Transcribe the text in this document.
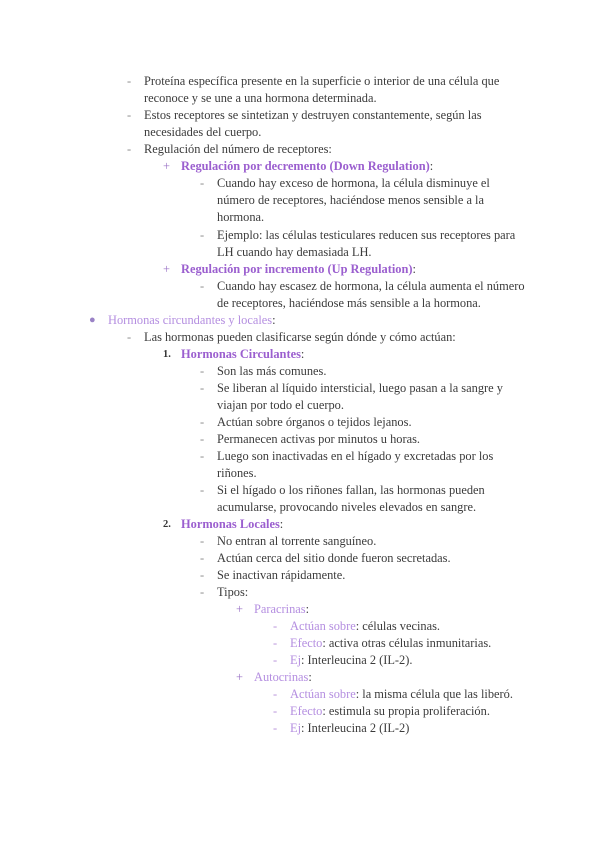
- Proteína específica presente en la superficie o interior de una célula que
reconoce y se une a una hormona determinada.
- Estos receptores se sintetizan y destruyen constantemente, según las
necesidades del cuerpo.
- Regulación del número de receptores:
+ Regulación por decremento (Down Regulation):
- Cuando hay exceso de hormona, la célula disminuye el
número de receptores, haciéndose menos sensible a la
hormona.
- Ejemplo: las células testiculares reducen sus receptores para
LH cuando hay demasiada LH.
+ Regulación por incremento (Up Regulation):
- Cuando hay escasez de hormona, la célula aumenta el número
de receptores, haciéndose más sensible a la hormona.
● Hormonas circundantes y locales:
- Las hormonas pueden clasificarse según dónde y cómo actúan:
1. Hormonas Circulantes:
- Son las más comunes.
- Se liberan al líquido intersticial, luego pasan a la sangre y
viajan por todo el cuerpo.
- Actúan sobre órganos o tejidos lejanos.
- Permanecen activas por minutos u horas.
- Luego son inactivadas en el hígado y excretadas por los
riñones.
- Si el hígado o los riñones fallan, las hormonas pueden
acumularse, provocando niveles elevados en sangre.
2. Hormonas Locales:
- No entran al torrente sanguíneo.
- Actúan cerca del sitio donde fueron secretadas.
- Se inactivan rápidamente.
- Tipos:
+ Paracrinas:
- Actúan sobre: células vecinas.
- Efecto: activa otras células inmunitarias.
- Ej: Interleucina 2 (IL-2).
+ Autocrinas:
- Actúan sobre: la misma célula que las liberó.
- Efecto: estimula su propia proliferación.
- Ej: Interleucina 2 (IL-2)
